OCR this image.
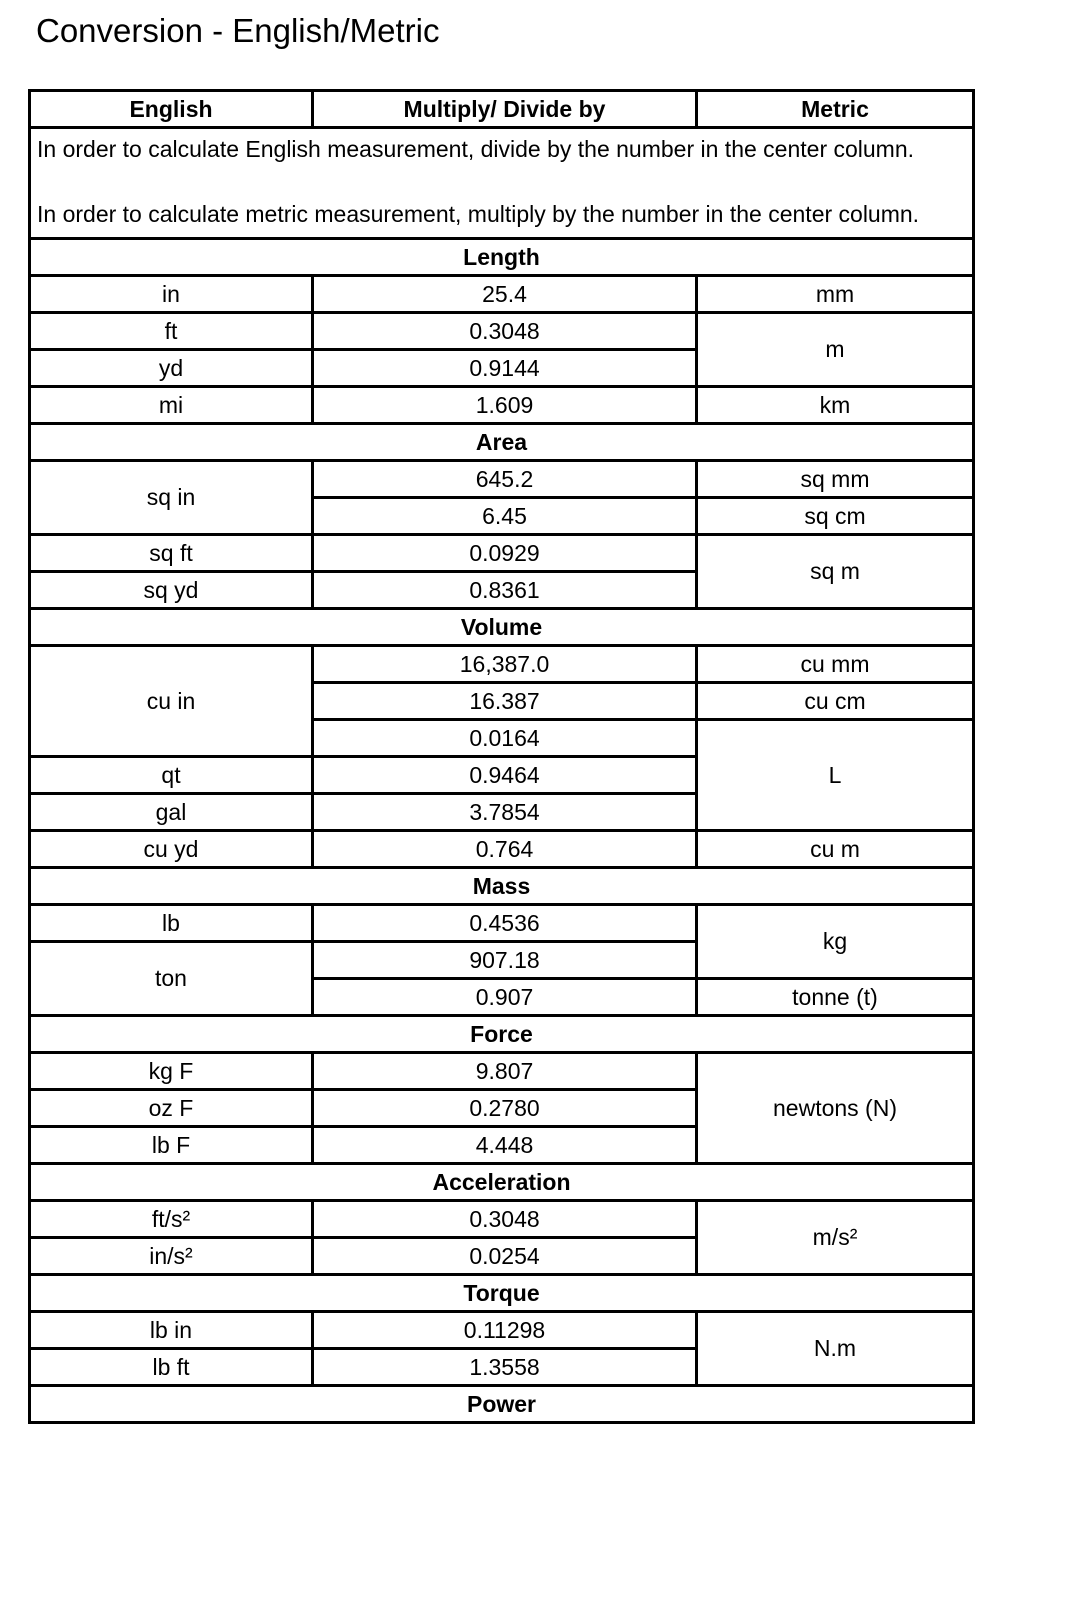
Conversion - English/Metric
English	Multiply/ Divide by	Metric

In order to calculate English measurement, divide by the number in the center column.
In order to calculate metric measurement, multiply by the number in the center column.		

Length		
in	25.4	mm
ft	0.3048	m
yd	0.9144	
mi	1.609	km
Area		
sq in	645.2	sq mm
	6.45	sq cm
sq ft	0.0929	sq m
sq yd	0.8361	
Volume		
cu in	16,387.0	cu mm
	16.387	cu cm
	0.0164	L
qt	0.9464	
gal	3.7854	
cu yd	0.764	cu m
Mass		
lb	0.4536	kg
ton	907.18	
	0.907	tonne (t)
Force		
kg F	9.807	newtons (N)
oz F	0.2780	
lb F	4.448	
Acceleration		
ft/s²	0.3048	m/s²
in/s²	0.0254	
Torque		
lb in	0.11298	N.m
lb ft	1.3558	
Power		
